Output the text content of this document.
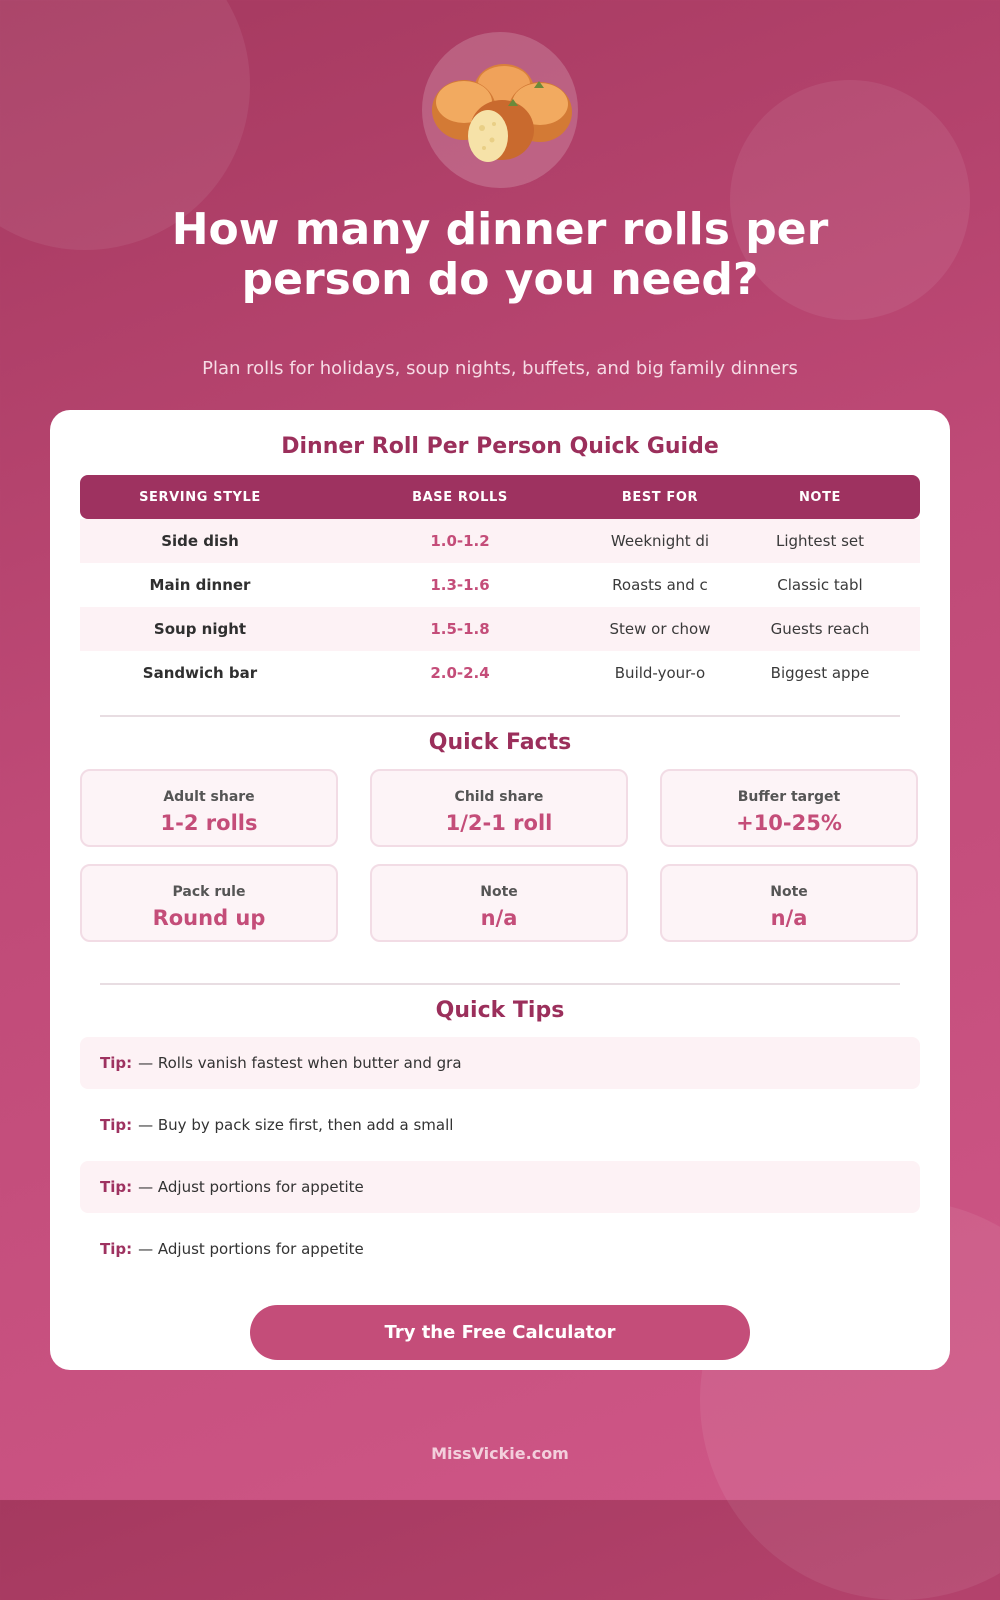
How many dinner rolls per person do you need?

Plan rolls for holidays, soup nights, buffets, and big family dinners

Dinner Roll Per Person Quick Guide
SERVING STYLE	BASE ROLLS	BEST FOR	NOTE
Side dish	1.0-1.2	Weeknight di	Lightest set
Main dinner	1.3-1.6	Roasts and c	Classic tabl
Soup night	1.5-1.8	Stew or chow	Guests reach
Sandwich bar	2.0-2.4	Build-your-o	Biggest appe
Quick Facts
Adult share
1-2 rolls
Child share
1/2-1 roll
Buffer target
+10-25%
Pack rule
Round up
Note
n/a
Note
n/a
Quick Tips
Tip: — Rolls vanish fastest when butter and gra
Tip: — Buy by pack size first, then add a small
Tip: — Adjust portions for appetite
Tip: — Adjust portions for appetite
Try the Free Calculator
MissVickie.com
